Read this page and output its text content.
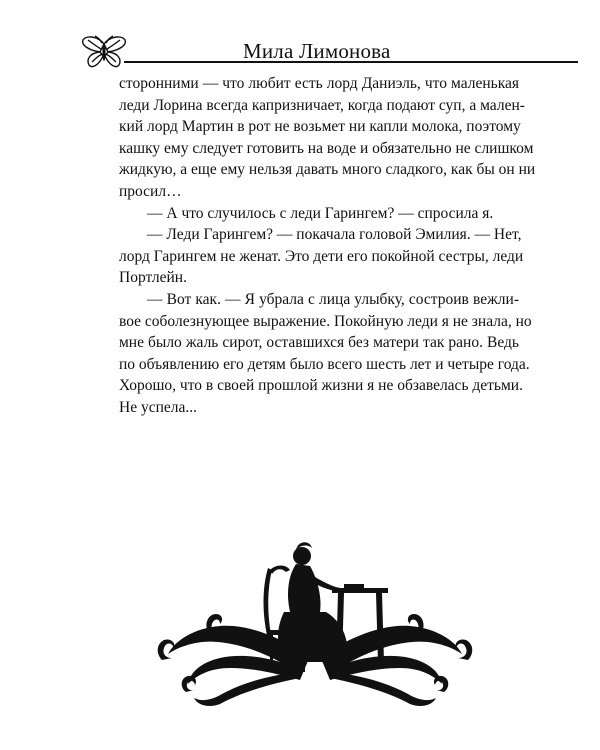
Мила Лимонова
сторонними — что любит есть лорд Даниэль, что маленькая
леди Лорина всегда капризничает, когда подают суп, а мален-
кий лорд Мартин в рот не возьмет ни капли молока, поэтому
кашку ему следует готовить на воде и обязательно не слишком
жидкую, а еще ему нельзя давать много сладкого, как бы он ни
просил…
— А что случилось с леди Гарингем? — спросила я.
— Леди Гарингем? — покачала головой Эмилия. — Нет,
лорд Гарингем не женат. Это дети его покойной сестры, леди
Портлейн.
— Вот как. — Я убрала с лица улыбку, состроив вежли-
вое соболезнующее выражение. Покойную леди я не знала, но
мне было жаль сирот, оставшихся без матери так рано. Ведь
по объявлению его детям было всего шесть лет и четыре года.
Хорошо, что в своей прошлой жизни я не обзавелась детьми.
Не успела...
